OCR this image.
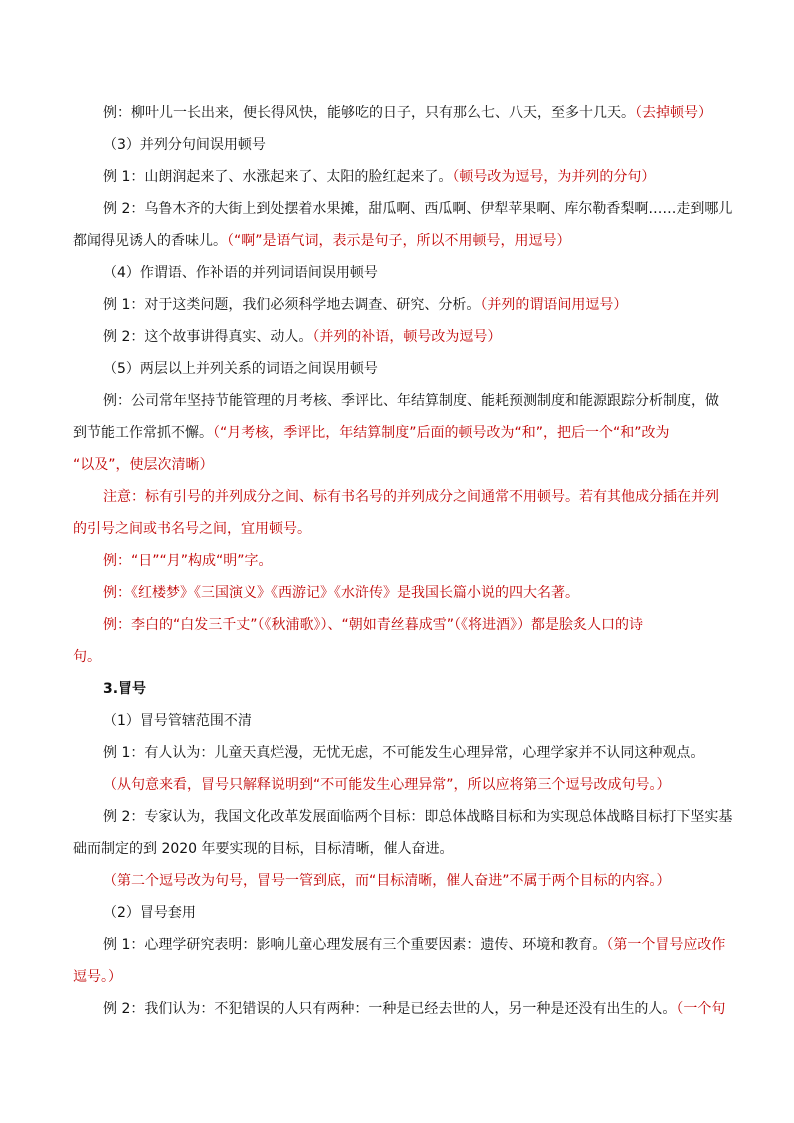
例：柳叶儿一长出来，便长得风快，能够吃的日子，只有那么七、八天，至多十几天。（去掉顿号）
（3）并列分句间误用顿号
例 1：山朗润起来了、水涨起来了、太阳的脸红起来了。（顿号改为逗号，为并列的分句）
例 2：乌鲁木齐的大街上到处摆着水果摊，甜瓜啊、西瓜啊、伊犁苹果啊、库尔勒香梨啊……走到哪儿
都闻得见诱人的香味儿。（“啊”是语气词，表示是句子，所以不用顿号，用逗号）
（4）作谓语、作补语的并列词语间误用顿号
例 1：对于这类问题，我们必须科学地去调查、研究、分析。（并列的谓语间用逗号）
例 2：这个故事讲得真实、动人。（并列的补语，顿号改为逗号）
（5）两层以上并列关系的词语之间误用顿号
例：公司常年坚持节能管理的月考核、季评比、年结算制度、能耗预测制度和能源跟踪分析制度，做
到节能工作常抓不懈。（“月考核，季评比，年结算制度”后面的顿号改为“和”，把后一个“和”改为
“以及”，使层次清晰）
注意：标有引号的并列成分之间、标有书名号的并列成分之间通常不用顿号。若有其他成分插在并列
的引号之间或书名号之间，宜用顿号。
例：“日”“月”构成“明”字。
例：《红楼梦》《三国演义》《西游记》《水浒传》是我国长篇小说的四大名著。
例：李白的“白发三千丈”（《秋浦歌》）、“朝如青丝暮成雪”（《将进酒》）都是脍炙人口的诗
句。
3.冒号
（1）冒号管辖范围不清
例 1：有人认为：儿童天真烂漫，无忧无虑，不可能发生心理异常，心理学家并不认同这种观点。
（从句意来看，冒号只解释说明到“不可能发生心理异常”，所以应将第三个逗号改成句号。）
例 2：专家认为，我国文化改革发展面临两个目标：即总体战略目标和为实现总体战略目标打下坚实基
础而制定的到 2020 年要实现的目标，目标清晰，催人奋进。
（第二个逗号改为句号，冒号一管到底，而“目标清晰，催人奋进”不属于两个目标的内容。）
（2）冒号套用
例 1：心理学研究表明：影响儿童心理发展有三个重要因素：遗传、环境和教育。（第一个冒号应改作
逗号。）
例 2：我们认为：不犯错误的人只有两种：一种是已经去世的人，另一种是还没有出生的人。（一个句
